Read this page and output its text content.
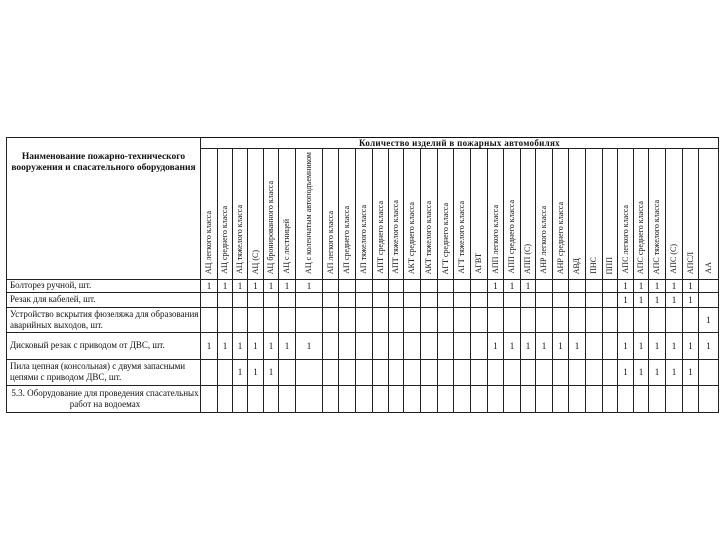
Наименование пожарно-технического вооружения и спасательного оборудования	Количество изделий в пожарных автомобилях																														
	АЦ легкого класса	АЦ среднего класса	АЦ тяжелого класса	АЦ (С)	АЦ бронированного класса	АЦ с лестницей	АЦ с коленчатым автоподъемником	АП легкого класса	АП среднего класса	АП тяжелого класса	АПТ среднего класса	АПТ тяжелого класса	АКТ среднего класса	АКТ тяжелого класса	АГТ среднего класса	АГТ тяжелого класса	АГВТ	АПП легкого класса	АПП среднего класса	АПП (С)	АНР легкого класса	АНР среднего класса	АВД	ПНС	ППП	АПС легкого класса	АПС среднего класса	АПС тяжелого класса	АПС (С)	АПСЛ	АА
Болторез ручной, шт.	1	1	1	1	1	1	1											1	1	1						1	1	1	1	1	
Резак для кабелей, шт.																										1	1	1	1	1	
Устройство вскрытия фюзеляжа для образования аварийных выходов, шт.																															1
Дисковый резак с приводом от ДВС, шт.	1	1	1	1	1	1	1											1	1	1	1	1	1			1	1	1	1	1	1
Пила цепная (консольная) с двумя запасными цепями с приводом ДВС, шт.			1	1	1																					1	1	1	1	1	
5.3. Оборудование для проведения спасательных работ на водоемах																															
